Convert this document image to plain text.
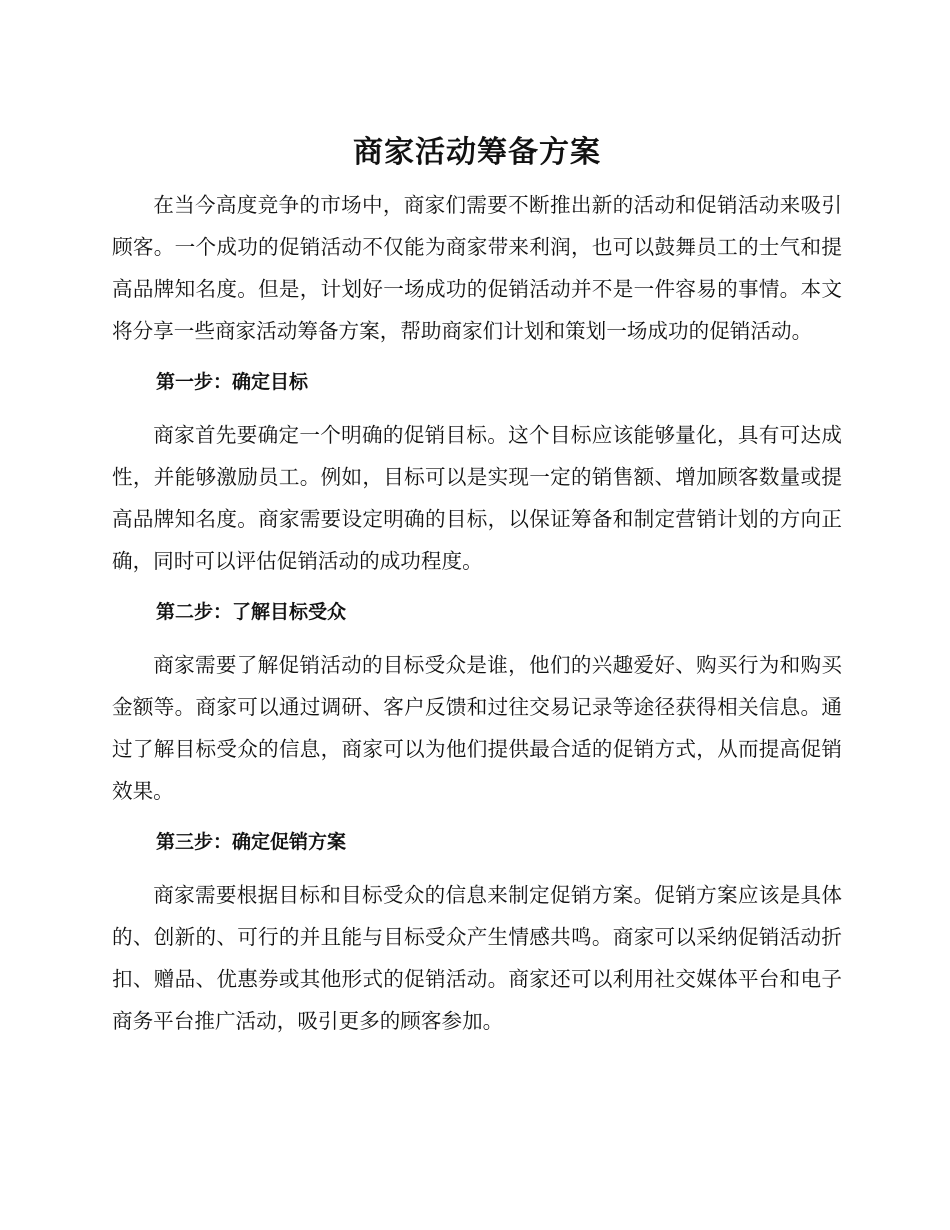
商家活动筹备方案

在当今高度竞争的市场中，商家们需要不断推出新的活动和促销活动来吸引顾客。一个成功的促销活动不仅能为商家带来利润，也可以鼓舞员工的士气和提高品牌知名度。但是，计划好一场成功的促销活动并不是一件容易的事情。本文将分享一些商家活动筹备方案，帮助商家们计划和策划一场成功的促销活动。

第一步：确定目标

商家首先要确定一个明确的促销目标。这个目标应该能够量化，具有可达成性，并能够激励员工。例如，目标可以是实现一定的销售额、增加顾客数量或提高品牌知名度。商家需要设定明确的目标，以保证筹备和制定营销计划的方向正确，同时可以评估促销活动的成功程度。

第二步：了解目标受众

商家需要了解促销活动的目标受众是谁，他们的兴趣爱好、购买行为和购买金额等。商家可以通过调研、客户反馈和过往交易记录等途径获得相关信息。通过了解目标受众的信息，商家可以为他们提供最合适的促销方式，从而提高促销效果。

第三步：确定促销方案

商家需要根据目标和目标受众的信息来制定促销方案。促销方案应该是具体的、创新的、可行的并且能与目标受众产生情感共鸣。商家可以采纳促销活动折扣、赠品、优惠券或其他形式的促销活动。商家还可以利用社交媒体平台和电子商务平台推广活动，吸引更多的顾客参加。
